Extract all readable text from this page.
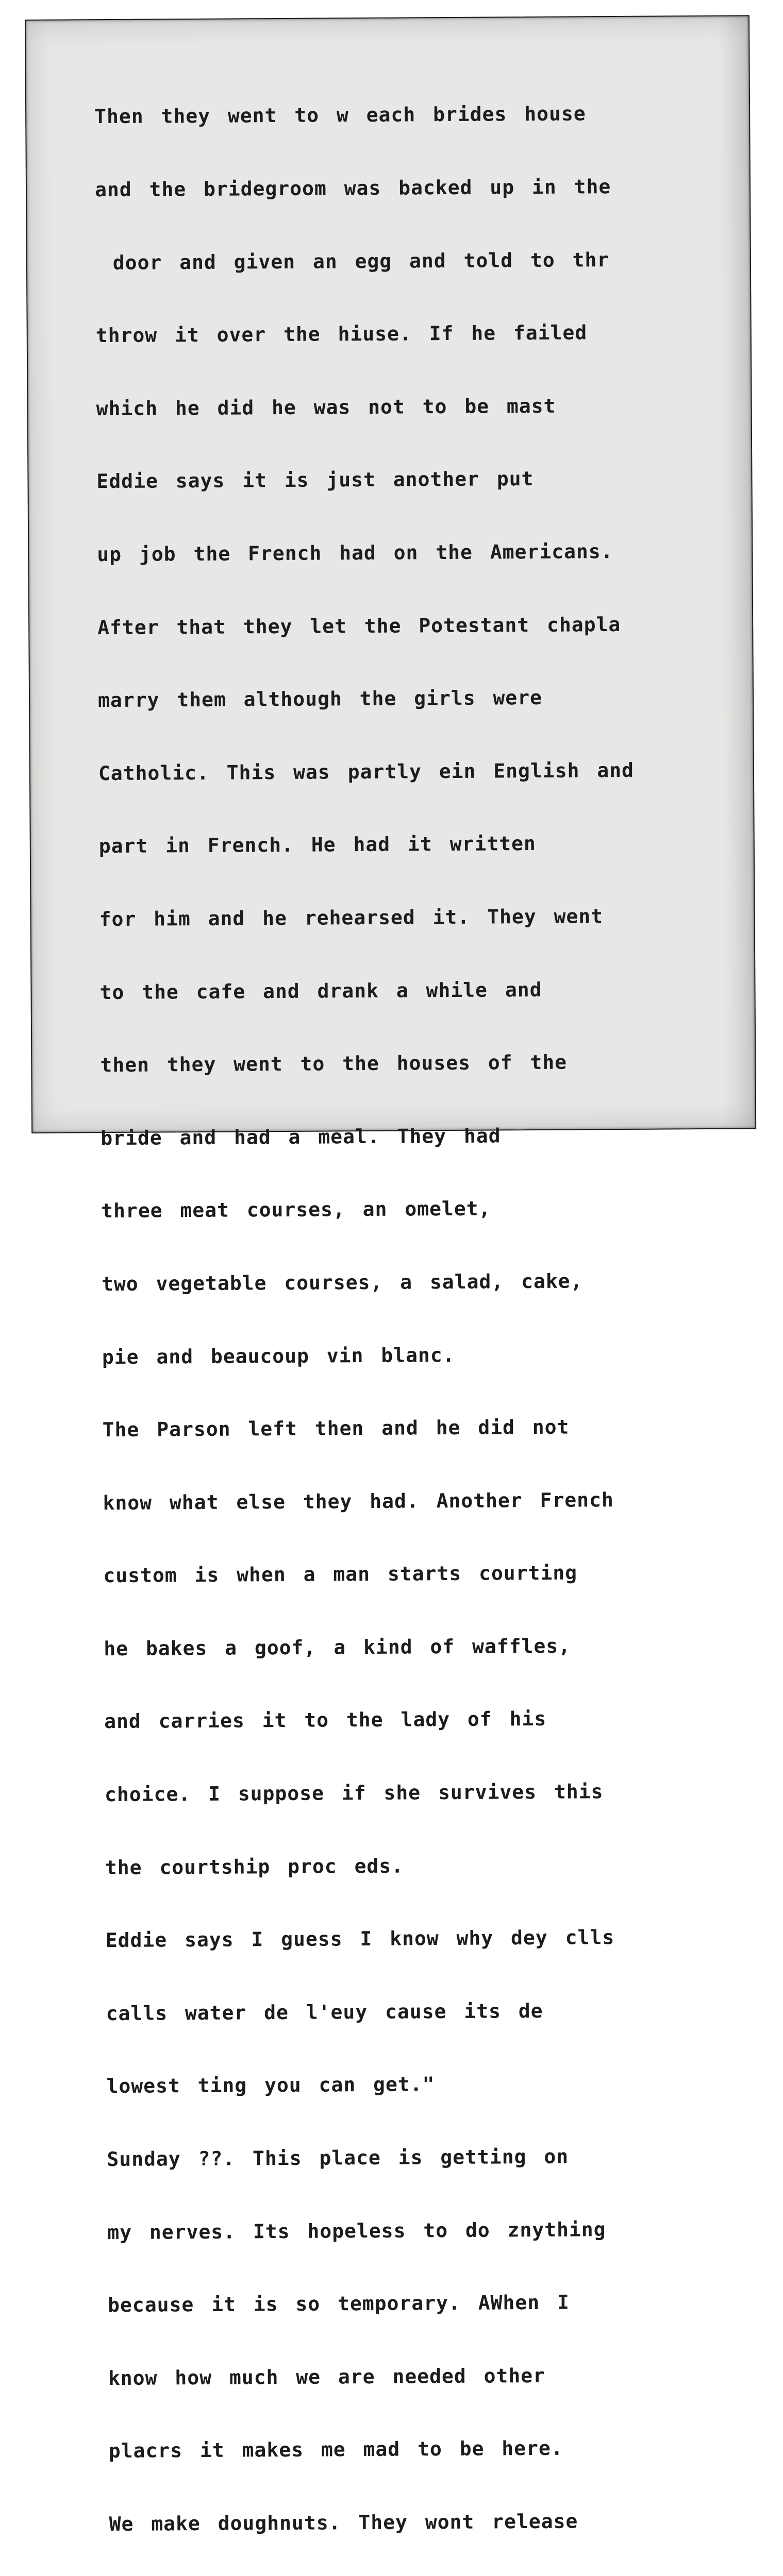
Then they went to w each brides house

and the bridegroom was backed up in the

door and given an egg and told to thr

throw it over the hiuse. If he failed

which he did he was not to be mast

Eddie says it is just another put

up job the French had on the Americans.

After that they let the Potestant chapla

marry them although the girls were

Catholic. This was partly ein English and

part in French. He had it written

for him and he rehearsed it. They went

to the cafe and drank a while and

then they went to the houses of the

bride and had a meal. They had

three meat courses, an omelet,

two vegetable courses, a salad, cake,

pie and beaucoup vin blanc.

The Parson left then and he did not

know what else they had. Another French

custom is when a man starts courting

he bakes a goof, a kind of waffles,

and carries it to the lady of his

choice. I suppose if she survives this

the courtship proc eds.

Eddie says I guess I know why dey clls

calls water de l'euy cause its de

lowest ting you can get."

Sunday ??. This place is getting on

my nerves. Its hopeless to do znything

because it is so temporary. AWhen I

know how much we are needed other

placrs it makes me mad to be here.

We make doughnuts. They wont release
